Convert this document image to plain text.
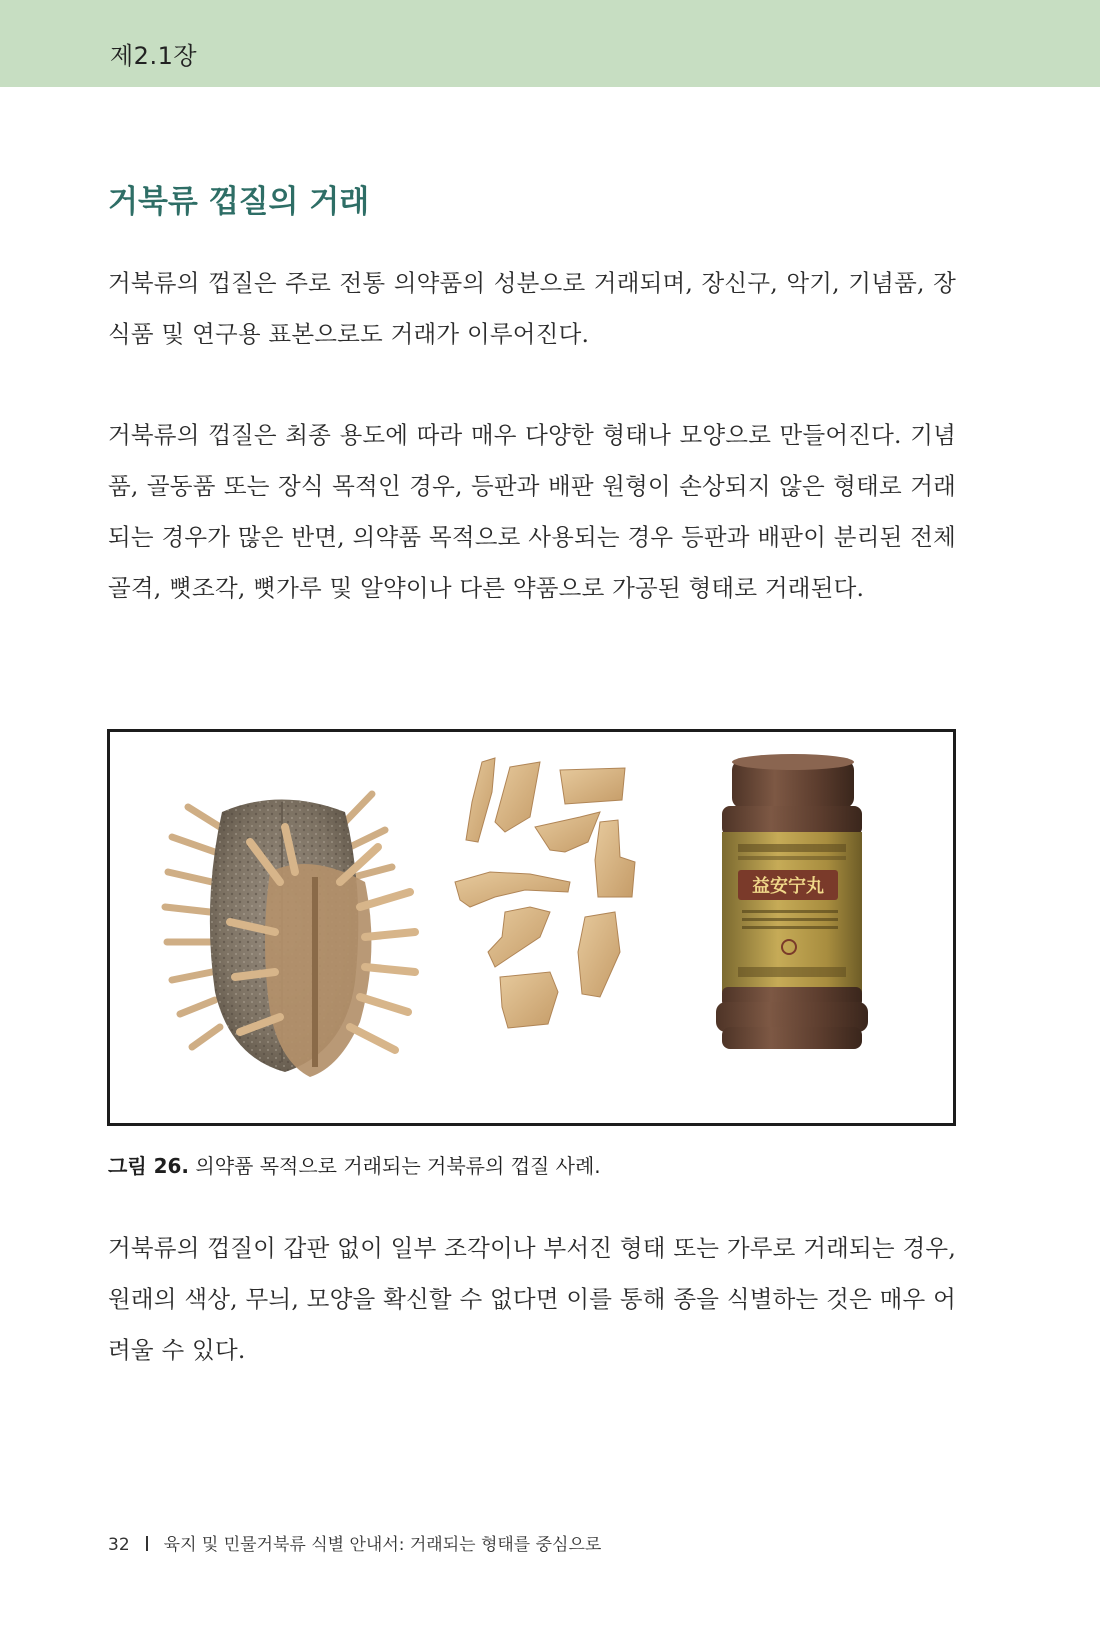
제2.1장
거북류 껍질의 거래

거북류의 껍질은 주로 전통 의약품의 성분으로 거래되며, 장신구, 악기, 기념품, 장식품 및 연구용 표본으로도 거래가 이루어진다.

거북류의 껍질은 최종 용도에 따라 매우 다양한 형태나 모양으로 만들어진다. 기념품, 골동품 또는 장식 목적인 경우, 등판과 배판 원형이 손상되지 않은 형태로 거래되는 경우가 많은 반면, 의약품 목적으로 사용되는 경우 등판과 배판이 분리된 전체 골격, 뼛조각, 뼛가루 및 알약이나 다른 약품으로 가공된 형태로 거래된다.

益安宁丸
그림 26. 의약품 목적으로 거래되는 거북류의 껍질 사례.

거북류의 껍질이 갑판 없이 일부 조각이나 부서진 형태 또는 가루로 거래되는 경우, 원래의 색상, 무늬, 모양을 확신할 수 없다면 이를 통해 종을 식별하는 것은 매우 어려울 수 있다.

32 육지 및 민물거북류 식별 안내서: 거래되는 형태를 중심으로
